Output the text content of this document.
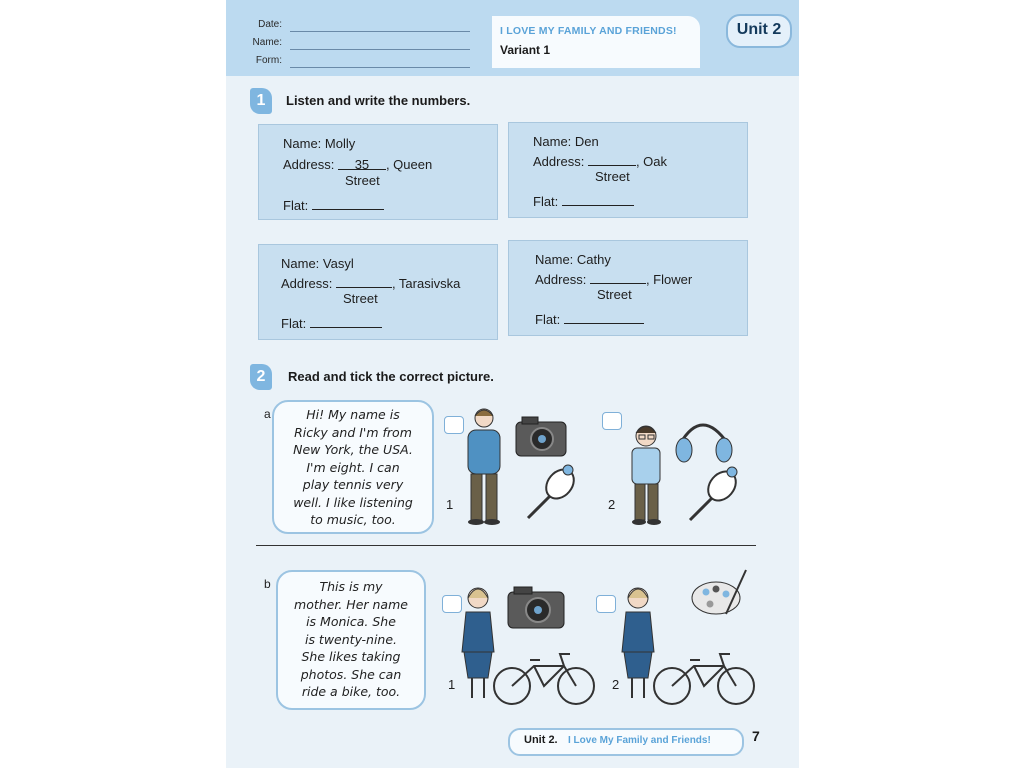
Date:
Name:
Form:
I LOVE MY FAMILY AND FRIENDS!
Variant 1
Unit 2
1	Listen and write the numbers.
Name: Molly
Address: 35 , Queen
Street
Flat:
Name: Den
Address:	, Oak
Street
Flat:
Name: Vasyl
Address:	, Tarasivska
Street
Flat:
Name: Cathy
Address:	, Flower
Street
Flat:
2	Read and tick the correct picture.
a	Hi! My name is
Ricky and I'm from
New York, the USA.
I'm eight. I can
play tennis very
well. I like listening
to music, too.
1	2
b	This is my
mother. Her name
is Monica. She
is twenty-nine.
She likes taking
photos. She can
ride a bike, too.	1	2
Unit 2. I Love My Family and Friends!	7
